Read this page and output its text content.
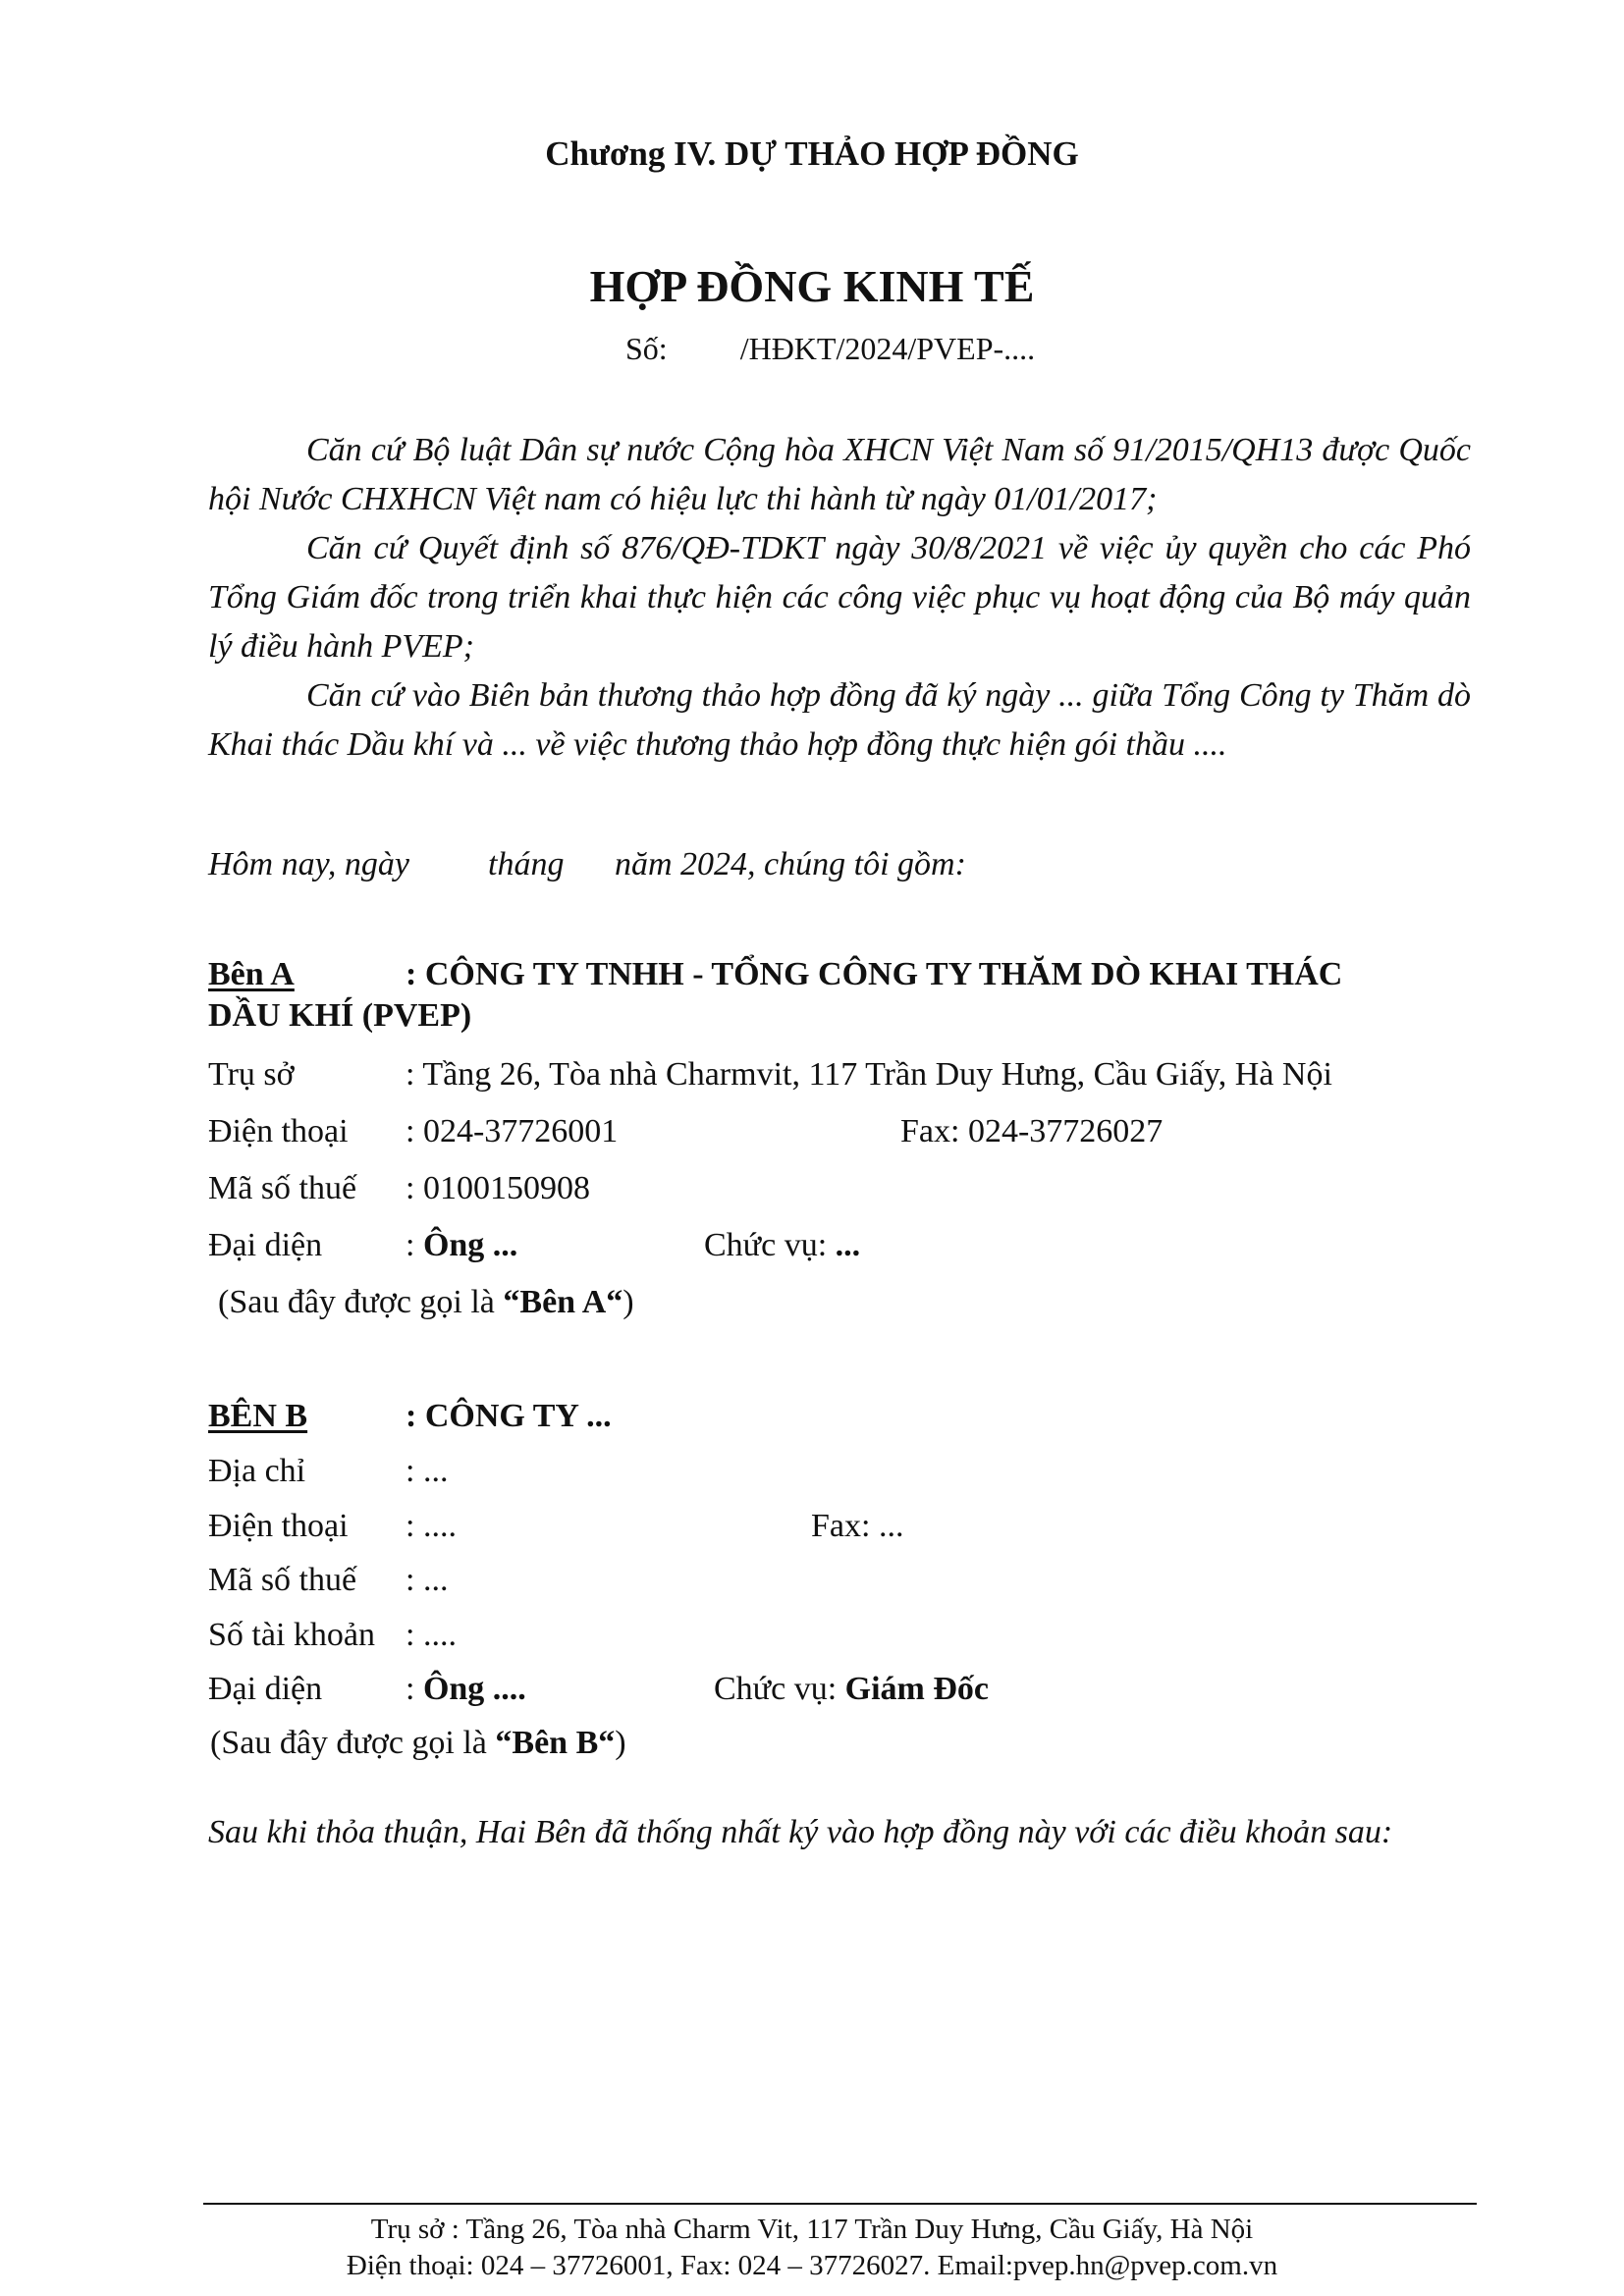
Chương IV. DỰ THẢO HỢP ĐỒNG
HỢP ĐỒNG KINH TẾ
Số: /HĐKT/2024/PVEP-....

Căn cứ Bộ luật Dân sự nước Cộng hòa XHCN Việt Nam số 91/2015/QH13 được Quốc hội Nước CHXHCN Việt nam có hiệu lực thi hành từ ngày 01/01/2017;

Căn cứ Quyết định số 876/QĐ-TDKT ngày 30/8/2021 về việc ủy quyền cho các Phó Tổng Giám đốc trong triển khai thực hiện các công việc phục vụ hoạt động của Bộ máy quản lý điều hành PVEP;

Căn cứ vào Biên bản thương thảo hợp đồng đã ký ngày ... giữa Tổng Công ty Thăm dò Khai thác Dầu khí và ... về việc thương thảo hợp đồng thực hiện gói thầu ....

Hôm nay, ngày tháng năm 2024, chúng tôi gồm:
Bên A	: CÔNG TY TNHH - TỔNG CÔNG TY THĂM DÒ KHAI THÁC
DẦU KHÍ (PVEP)
Trụ sở	: Tầng 26, Tòa nhà Charmvit, 117 Trần Duy Hưng, Cầu Giấy, Hà Nội
Điện thoại : 024-37726001	Fax: 024-37726027
Mã số thuế : 0100150908
Đại diện : Ông ...	Chức vụ: ...
(Sau đây được gọi là “Bên A“)
BÊN B	: CÔNG TY ...
Địa chỉ	: ...
Điện thoại : ....	Fax: ...
Mã số thuế : ...
Số tài khoản : ....
Đại diện : Ông ....	Chức vụ: Giám Đốc
(Sau đây được gọi là “Bên B“)
Sau khi thỏa thuận, Hai Bên đã thống nhất ký vào hợp đồng này với các điều khoản sau:
Trụ sở : Tầng 26, Tòa nhà Charm Vit, 117 Trần Duy Hưng, Cầu Giấy, Hà Nội
Điện thoại: 024 – 37726001, Fax: 024 – 37726027. Email:pvep.hn@pvep.com.vn
